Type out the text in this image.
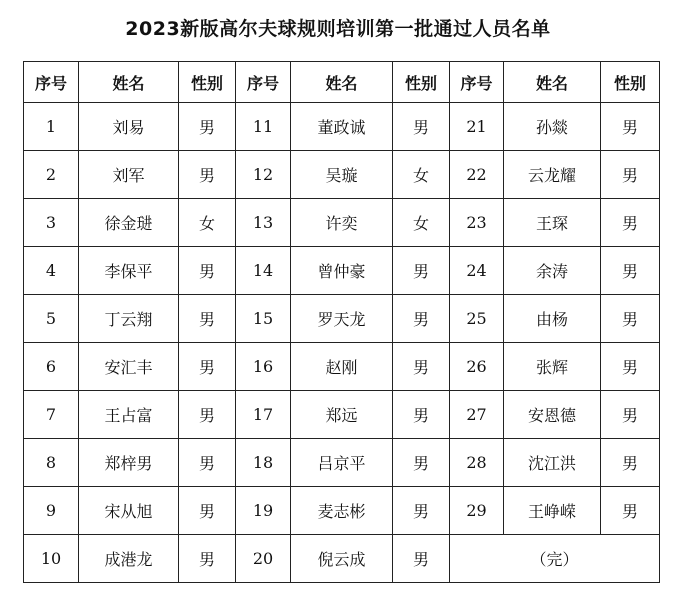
2023新版高尔夫球规则培训第一批通过人员名单
序号	姓名	性别	序号	姓名	性别	序号	姓名	性别
1	刘易	男	11	董政诚	男	21	孙燚	男
2	刘军	男	12	吴璇	女	22	云龙耀	男
3	徐金琎	女	13	许奕	女	23	王琛	男
4	李保平	男	14	曾仲豪	男	24	余涛	男
5	丁云翔	男	15	罗天龙	男	25	由杨	男
6	安汇丰	男	16	赵刚	男	26	张辉	男
7	王占富	男	17	郑远	男	27	安恩德	男
8	郑梓男	男	18	吕京平	男	28	沈江洪	男
9	宋从旭	男	19	麦志彬	男	29	王峥嵘	男
10	成港龙	男	20	倪云成	男	（完）		
